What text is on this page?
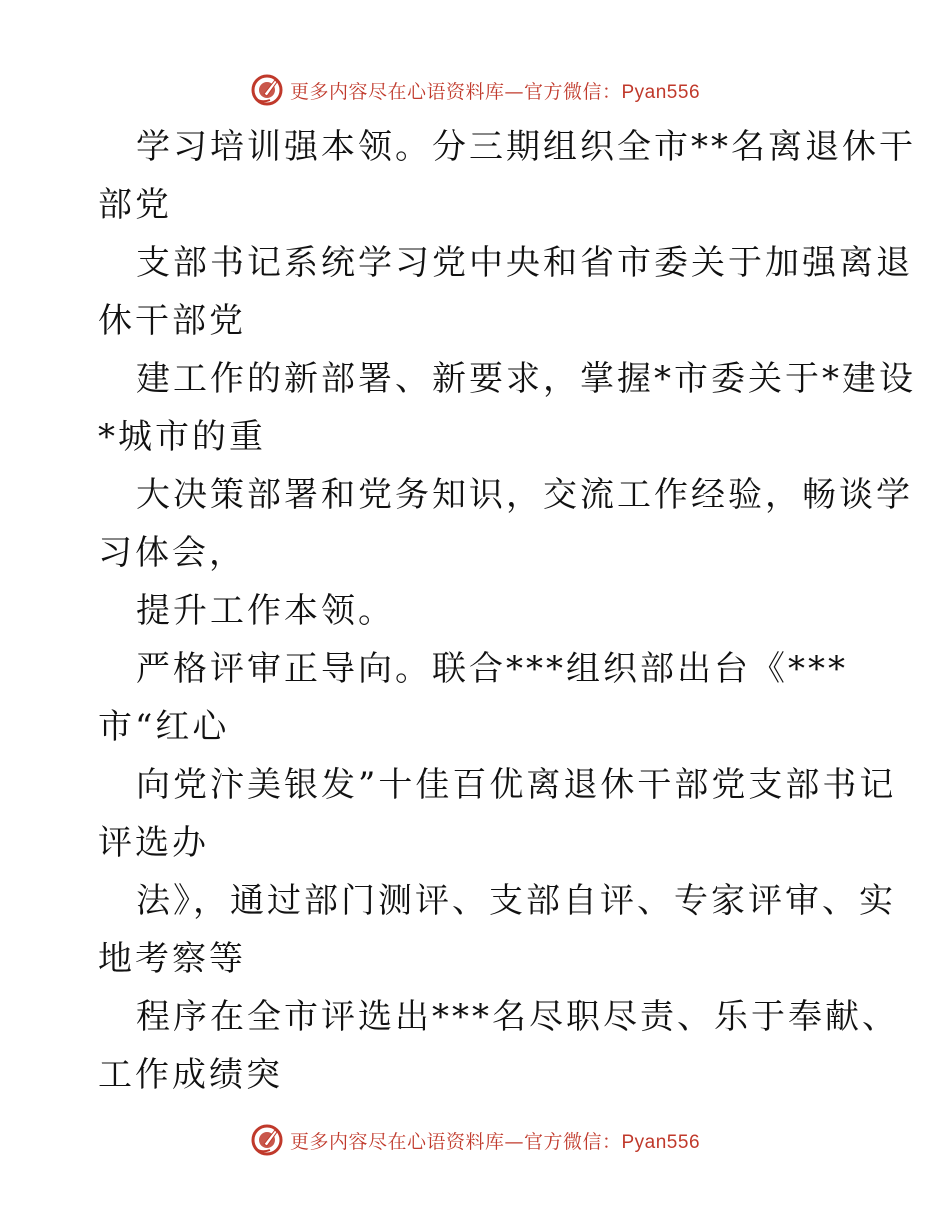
更多内容尽在心语资料库—官方微信：Pyan556
学习培训强本领。分三期组织全市**名离退休干
部党
支部书记系统学习党中央和省市委关于加强离退
休干部党
建工作的新部署、新要求，掌握*市委关于*建设
*城市的重
大决策部署和党务知识，交流工作经验，畅谈学
习体会，
提升工作本领。
严格评审正导向。联合***组织部出台《***
市“红心
向党汴美银发”十佳百优离退休干部党支部书记
评选办
法》，通过部门测评、支部自评、专家评审、实
地考察等
程序在全市评选出***名尽职尽责、乐于奉献、
工作成绩突
更多内容尽在心语资料库—官方微信：Pyan556
